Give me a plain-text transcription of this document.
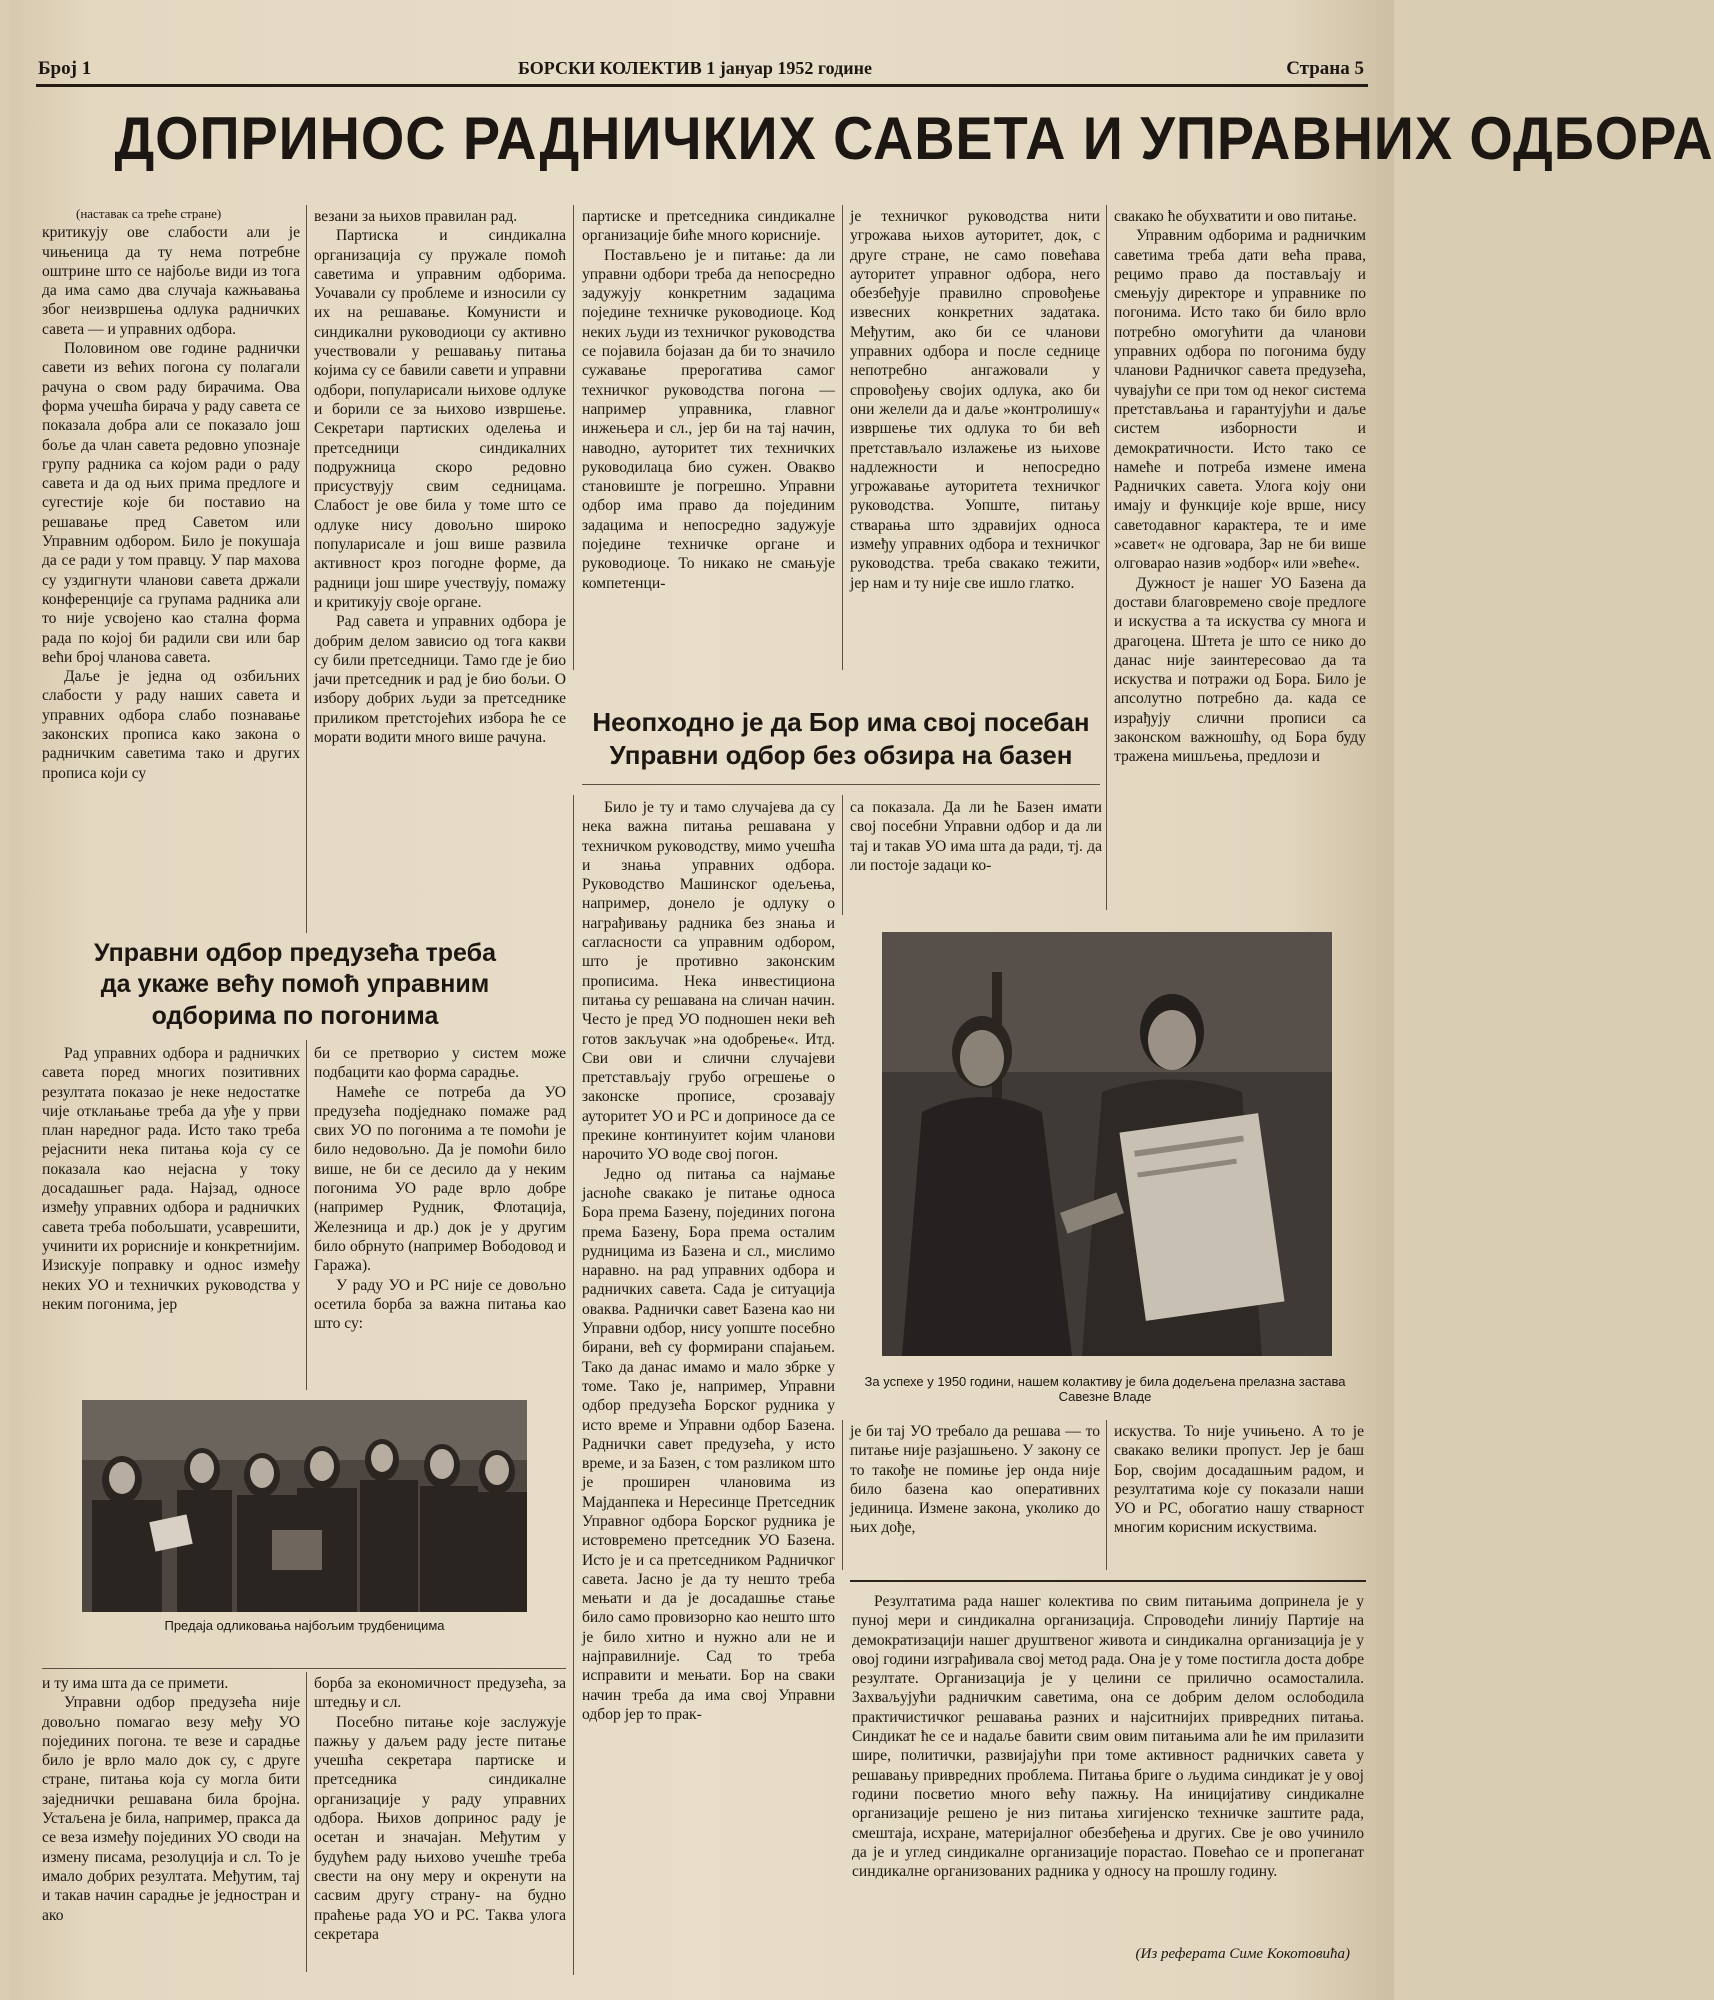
Број 1	БОРСКИ КОЛЕКТИВ 1 јануар 1952 године	Страна 5
ДОПРИНОС РАДНИЧКИХ САВЕТА И УПРАВНИХ ОДБОРА

(наставак са треће стране)

критикују ове слабости али је чињеница да ту нема потребне оштрине што се најбоље види из тога да има само два случаја кажњавања због неизвршења одлука радничких савета — и управних одбора.

Половином ове године раднички савети из већих погона су полагали рачуна о свом раду бирачима. Ова форма учешћа бирача у раду савета се показала добра али се показало још боље да члан савета редовно упознаје групу радника са којом ради о раду савета и да од њих прима предлоге и сугестије које би поставио на решавање пред Саветом или Управним одбором. Било је покушаја да се ради у том правцу. У пар махова су уздигнути чланови савета држали конференције са групама радника али то није усвојено као стална форма рада по којој би радили сви или бар већи број чланова савета.

Даље је једна од озбиљних слабости у раду наших савета и управних одбора слабо познавање законских прописа како закона о радничким саветима тако и других прописа који су

везани за њихов правилан рад.

Партиска и синдикална организација су пружале помоћ саветима и управним одборима. Уочавали су проблеме и износили су их на решавање. Комунисти и синдикални руководиоци су активно учествовали у решавању питања којима су се бавили савети и управни одбори, популарисали њихове одлуке и борили се за њихово извршење. Секретари партиских оделења и претседници синдикалних подружница скоро редовно присуствују свим седницама. Слабост је ове била у томе што се одлуке нису довољно широко популарисале и још више развила активност кроз погодне форме, да радници још шире учествују, помажу и критикују своје органе.

Рад савета и управних одбора је добрим делом зависио од тога какви су били претседници. Тамо где је био јачи претседник и рад је био бољи. О избору добрих људи за претседнике приликом претстојећих избора ће се морати водити много више рачуна.

партиске и претседника синдикалне организације биће много корисније.

Постављено је и питање: да ли управни одбори треба да непосредно задужују конкретним задацима поједине техничке руководиоце. Код неких људи из техничког руководства се појавила бојазан да би то значило сужавање прерогатива самог техничког руководства погона — например управника, главног инжењера и сл., јер би на тај начин, наводно, ауторитет тих техничких руководилаца био сужен. Овакво становиште је погрешно. Управни одбор има право да појединим задацима и непосредно задужује поједине техничке органе и руководиоце. То никако не смањује компетенци-

је техничког руководства нити угрожава њихов ауторитет, док, с друге стране, не само повећава ауторитет управног одбора, него обезбеђује правилно спровођење извесних конкретних задатака. Међутим, ако би се чланови управних одбора и после седнице непотребно ангажовали у спровођењу својих одлука, ако би они желели да и даље »контролишу« извршење тих одлука то би већ претстављало излажење из њихове надлежности и непосредно угрожавање ауторитета техничког руководства. Уопште, питању стварања што здравијих односа између управних одбора и техничког руководства. треба свакако тежити, јер нам и ту није све ишло глатко.

свакако ће обухватити и ово питање.

Управним одборима и радничким саветима треба дати већа права, рецимо право да постављају и смењују директоре и управнике по погонима. Исто тако би било врло потребно омогућити да чланови управних одбора по погонима буду чланови Радничког савета предузећа, чувајући се при том од неког система претстављања и гарантујући и даље систем изборности и демократичности. Исто тако се намеће и потреба измене имена Радничких савета. Улога коју они имају и функције које врше, нису саветодавног карактера, те и име »савет« не одговара, Зар не би више олговарао назив »одбор« или »веће«.

Дужност је нашег УО Базена да достави благовремено своје предлоге и искуства а та искуства су многа и драгоцена. Штета је што се нико до данас није заинтересовао да та искуства и потражи од Бора. Било је апсолутно потребно да. када се израђују слични прописи са законском важношћу, од Бора буду тражена мишљења, предлози и

Неопходно је да Бор има свој посебан Управни одбор без обзира на базен
Управни одбор предузећа треба да укаже већу помоћ управним одборима по погонима

Рад управних одбора и радничких савета поред многих позитивних резултата показао је неке недостатке чије отклањање треба да уђе у први план наредног рада. Исто тако треба рејаснити нека питања која су се показала као нејасна у току досадашњег рада. Најзад, односе између управних одбора и радничких савета треба побољшати, усаврешити, учинити их рорисније и конкретнијим. Изискује поправку и однос између неких УО и техничких руководства у неким погонима, јер

би се претворио у систем може подбацити као форма сарадње.

Намеће се потреба да УО предузећа подједнако помаже рад свих УО по погонима а те помоћи је било недовољно. Да је помоћи било више, не би се десило да у неким погонима УО раде врло добре (например Рудник, Флотација, Железница и др.) док је у другим било обрнуто (например Вободовод и Гаража).

У раду УО и РС није се довољно осетила борба за важна питања као што су:

Предаја одликовања најбољим трудбеницима

и ту има шта да се примети.

Управни одбор предузећа није довољно помагао везу међу УО појединих погона. те везе и сарадње било је врло мало док су, с друге стране, питања која су могла бити заједнички решавана била бројна. Устаљена је била, например, пракса да се веза између појединих УО своди на измену писама, резолуција и сл. То је имало добрих резултата. Међутим, тај и такав начин сарадње је једностран и ако

борба за економичност предузећа, за штедњу и сл.

Посебно питање које заслужује пажњу у даљем раду јесте питање учешћа секретара партиске и претседника синдикалне организације у раду управних одбора. Њихов допринос раду је осетан и значајан. Међутим у будућем раду њихово учешће треба свести на ону меру и окренути на сасвим другу страну- на будно праћење рада УО и РС. Таква улога секретара

Било је ту и тамо случајева да су нека важна питања решавана у техничком руководству, мимо учешћа и знања управних одбора. Руководство Машинског одељења, например, донело је одлуку о награђивању радника без знања и сагласности са управним одбором, што је противно законским прописима. Нека инвестициона питања су решавана на сличан начин. Често је пред УО подношен неки већ готов закључак »на одобрење«. Итд. Сви ови и слични случајеви претстављају грубо огрешење о законске прописе, срозавају ауторитет УО и РС и доприносе да се прекине континуитет којим чланови нарочито УО воде свој погон.

Једно од питања са најмање јасноће свакако је питање односа Бора према Базену, појединих погона према Базену, Бора према осталим рудницима из Базена и сл., мислимо наравно. на рад управних одбора и радничких савета. Сада је ситуација оваква. Раднички савет Базена као ни Управни одбор, нису уопште посебно бирани, већ су формирани спајањем. Тако да данас имамо и мало збрке у томе. Тако је, например, Управни одбор предузећа Борског рудника у исто време и Управни одбор Базена. Раднички савет предузећа, у исто време, и за Базен, с том разликом што је проширен члановима из Мајданпека и Нересинце Претседник Управног одбора Борског рудника је истовремено претседник УО Базена. Исто је и са претседником Радничког савета. Јасно је да ту нешто треба мењати и да је досадашње стање било само провизорно као нешто што је било хитно и нужно али не и најправилније. Сад то треба исправити и мењати. Бор на сваки начин треба да има свој Управни одбор јер то прак-

са показала. Да ли ће Базен имати свој посебни Управни одбор и да ли тај и такав УО има шта да ради, тј. да ли постоје задаци ко-

За успехе у 1950 години, нашем колактиву је била додељена прелазна застава Савезне Владе

је би тај УО требало да решава — то питање није разјашњено. У закону се то такође не помиње јер онда није било базена као оперативних јединица. Измене закона, уколико до њих дође,

искуства. То није учињено. А то је свакако велики пропуст. Јер је баш Бор, својим досадашњим радом, и резултатима које су показали наши УО и РС, обогатио нашу стварност многим корисним искуствима.

Резултатима рада нашег колектива по свим питањима допринела је у пуној мери и синдикална организација. Спроводећи линију Партије на демократизацији нашег друштвеног живота и синдикална организација је у овој години изграђивала свој метод рада. Она је у томе постигла доста добре резултате. Организација је у целини се прилично осамосталила. Захваљујући радничким саветима, она се добрим делом ослободила практичистичког решавања разних и најситнијих привредних питања. Синдикат ће се и надаље бавити свим овим питањима али ће им прилазити шире, политички, развијајући при томе активност радничких савета у решавању привредних проблема. Питања бриге о људима синдикат је у овој години посветио много већу пажњу. На иницијативу синдикалне организације решено је низ питања хигијенско техничке заштите рада, смештаја, исхране, материјалног обезбеђења и других. Све је ово учинило да је и углед синдикалне организације порастао. Повећао се и пропеганат синдикалне организованих радника у односу на прошлу годину.

(Из реферата Симе Кокотовића)
